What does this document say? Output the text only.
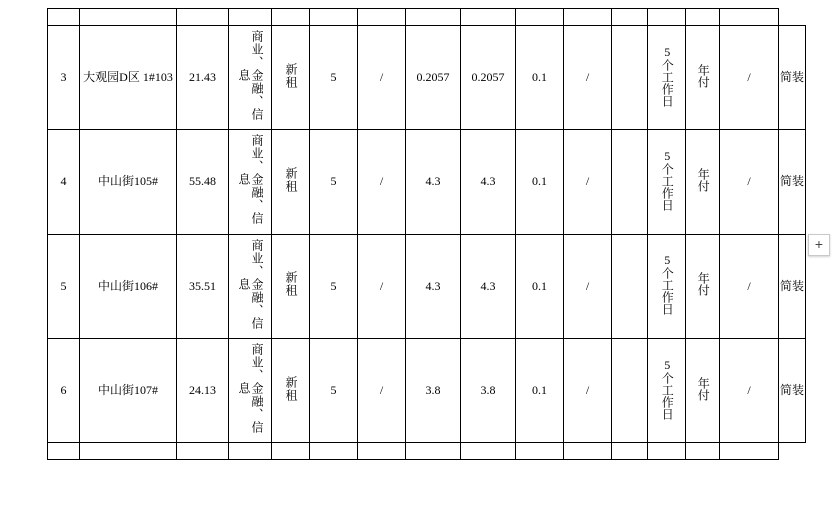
3	大观园D区 1#103	21.43	商业、金融、信息	新租	5	/	0.2057	0.2057	0.1	/		5个工作日	年付	/	简装
4	中山街105#	55.48	商业、金融、信息	新租	5	/	4.3	4.3	0.1	/		5个工作日	年付	/	简装
5	中山街106#	35.51	商业、金融、信息	新租	5	/	4.3	4.3	0.1	/		5个工作日	年付	/	简装
6	中山街107#	24.13	商业、金融、信息	新租	5	/	3.8	3.8	0.1	/		5个工作日	年付	/	简装

+
